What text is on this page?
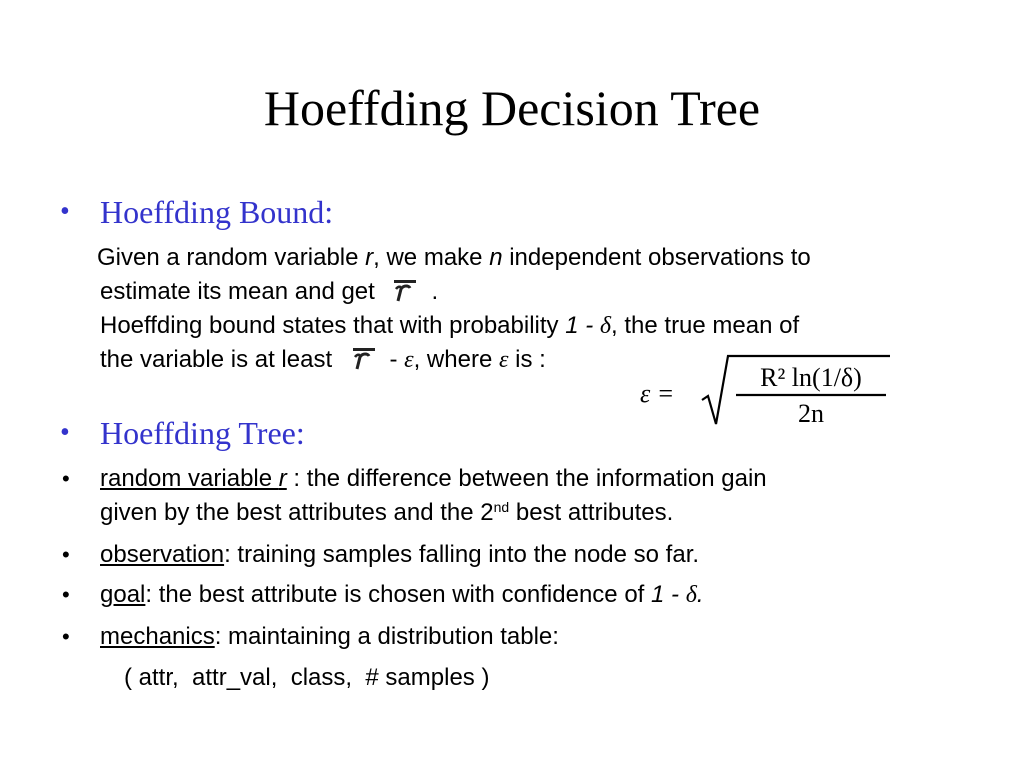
Hoeffding Decision Tree
• Hoeffding Bound:
Given a random variable r, we make n independent observations to
estimate its mean and get .
Hoeffding bound states that with probability 1 - δ, the true mean of
the variable is at least  - ε, where ε is :
ε =
R² ln(1/δ)
2n
• Hoeffding Tree:
• random variable r : the difference between the information gain
given by the best attributes and the 2nd best attributes.
• observation: training samples falling into the node so far.
• goal: the best attribute is chosen with confidence of 1 - δ.
• mechanics: maintaining a distribution table:
( attr,  attr_val,  class,  # samples )
